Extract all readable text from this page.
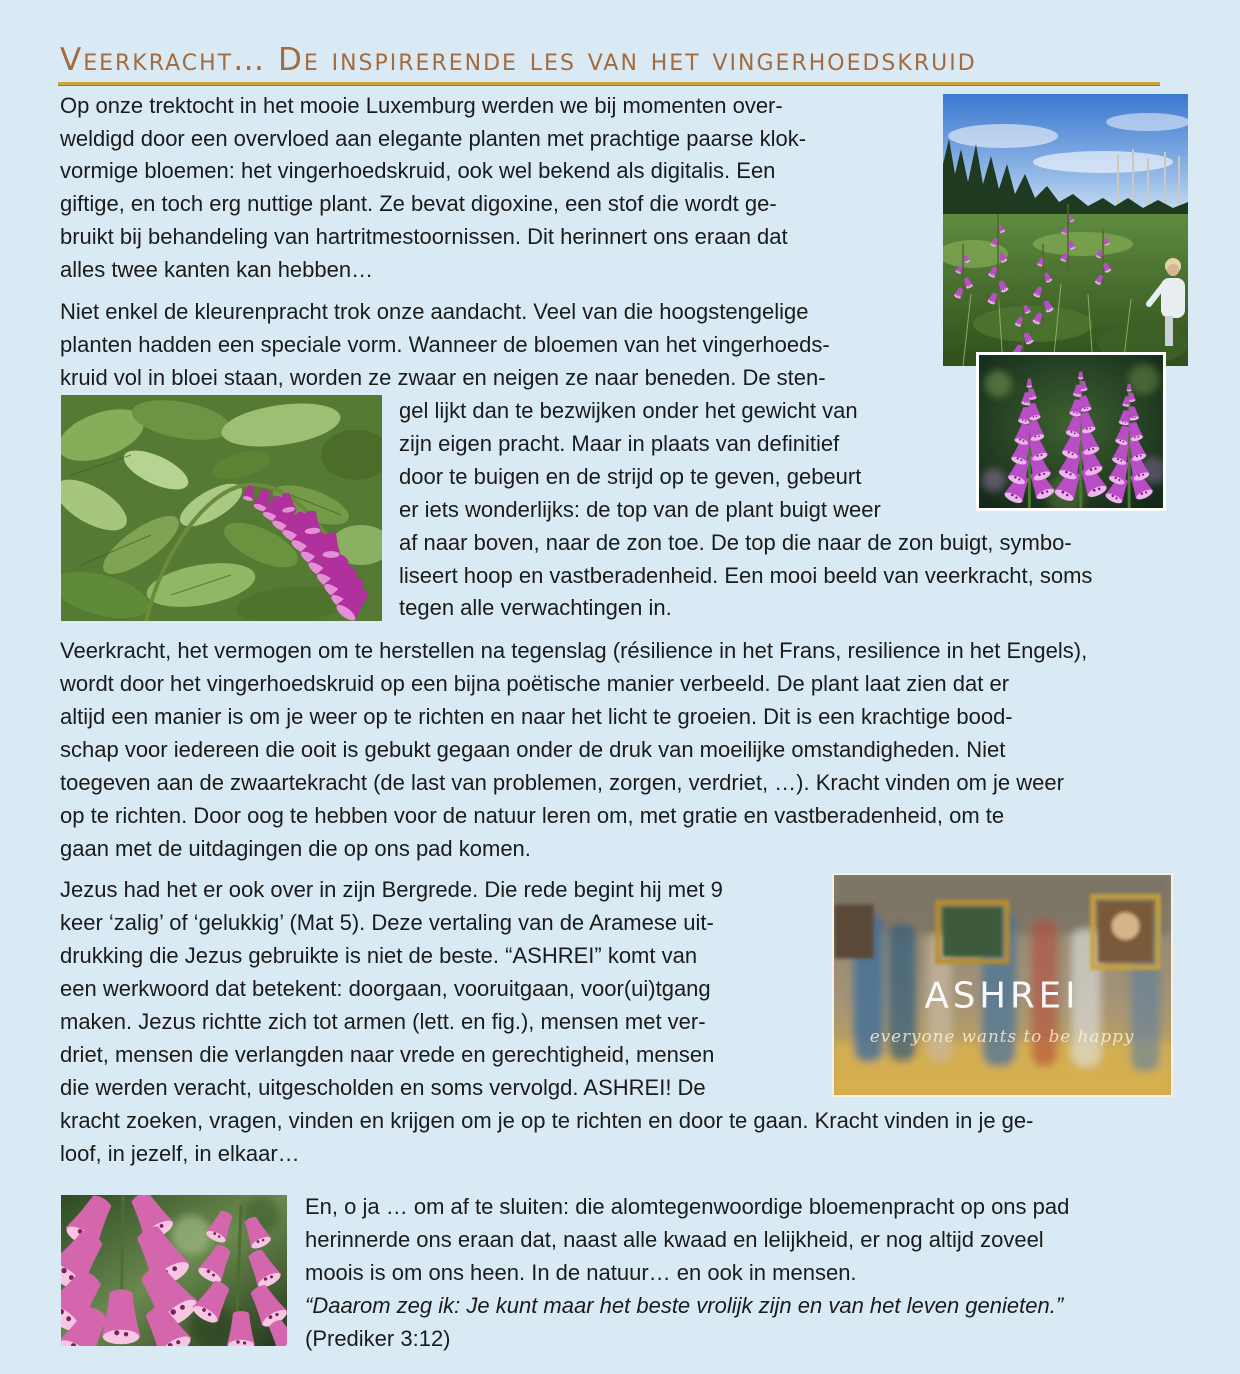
Veerkracht… De inspirerende les van het vingerhoedskruid
Op onze trektocht in het mooie Luxemburg werden we bij momenten over-
weldigd door een overvloed aan elegante planten met prachtige paarse klok-
vormige bloemen: het vingerhoedskruid, ook wel bekend als digitalis. Een
giftige, en toch erg nuttige plant. Ze bevat digoxine, een stof die wordt ge-
bruikt bij behandeling van hartritmestoornissen. Dit herinnert ons eraan dat
alles twee kanten kan hebben…
Niet enkel de kleurenpracht trok onze aandacht. Veel van die hoogstengelige
planten hadden een speciale vorm. Wanneer de bloemen van het vingerhoeds-
kruid vol in bloei staan, worden ze zwaar en neigen ze naar beneden. De sten-
gel lijkt dan te bezwijken onder het gewicht van
zijn eigen pracht. Maar in plaats van definitief
door te buigen en de strijd op te geven, gebeurt
er iets wonderlijks: de top van de plant buigt weer
af naar boven, naar de zon toe. De top die naar de zon buigt, symbo-
liseert hoop en vastberadenheid. Een mooi beeld van veerkracht, soms
tegen alle verwachtingen in.
Veerkracht, het vermogen om te herstellen na tegenslag (résilience in het Frans, resilience in het Engels),
wordt door het vingerhoedskruid op een bijna poëtische manier verbeeld. De plant laat zien dat er
altijd een manier is om je weer op te richten en naar het licht te groeien. Dit is een krachtige bood-
schap voor iedereen die ooit is gebukt gegaan onder de druk van moeilijke omstandigheden. Niet
toegeven aan de zwaartekracht (de last van problemen, zorgen, verdriet, …). Kracht vinden om je weer
op te richten. Door oog te hebben voor de natuur leren om, met gratie en vastberadenheid, om te
gaan met de uitdagingen die op ons pad komen.
Jezus had het er ook over in zijn Bergrede. Die rede begint hij met 9
keer ‘zalig’ of ‘gelukkig’ (Mat 5). Deze vertaling van de Aramese uit-
drukking die Jezus gebruikte is niet de beste. “ASHREI” komt van
een werkwoord dat betekent: doorgaan, vooruitgaan, voor(ui)tgang
maken. Jezus richtte zich tot armen (lett. en fig.), mensen met ver-
driet, mensen die verlangden naar vrede en gerechtigheid, mensen
die werden veracht, uitgescholden en soms vervolgd. ASHREI! De
kracht zoeken, vragen, vinden en krijgen om je op te richten en door te gaan. Kracht vinden in je ge-
loof, in jezelf, in elkaar…
En, o ja … om af te sluiten: die alomtegenwoordige bloemenpracht op ons pad
herinnerde ons eraan dat, naast alle kwaad en lelijkheid, er nog altijd zoveel
moois is om ons heen. In de natuur… en ook in mensen.
“Daarom zeg ik: Je kunt maar het beste vrolijk zijn en van het leven genieten.”
(Prediker 3:12)
ASHREI
everyone wants to be happy
